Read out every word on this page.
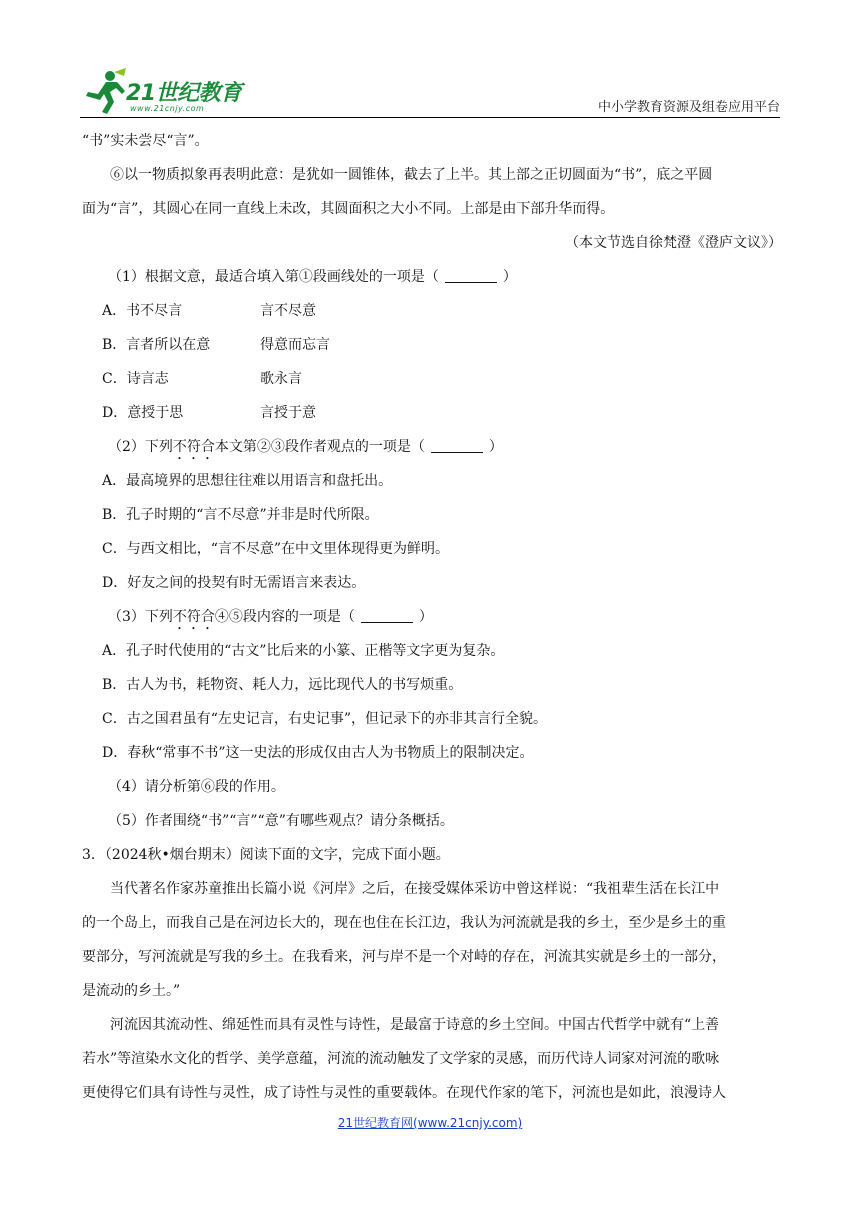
21世纪教育
www.21cnjy.com	中小学教育资源及组卷应用平台

“书”实未尝尽“言”。

⑥以一物质拟象再表明此意：是犹如一圆锥体，截去了上半。其上部之正切圆面为“书”，底之平圆

面为“言”，其圆心在同一直线上未改，其圆面积之大小不同。上部是由下部升华而得。

（本文节选自徐梵澄《澄庐文议》）

（1）根据文意，最适合填入第①段画线处的一项是（	）

A．书不尽言	言不尽意

B．言者所以在意	得意而忘言

C．诗言志	歌永言

D．意授于思	言授于意

（2）下列不符合本文第②③段作者观点的一项是（	）

A．最高境界的思想往往难以用语言和盘托出。

B．孔子时期的“言不尽意”并非是时代所限。

C．与西文相比，“言不尽意”在中文里体现得更为鲜明。

D．好友之间的投契有时无需语言来表达。

（3）下列不符合④⑤段内容的一项是（	）

A．孔子时代使用的“古文”比后来的小篆、正楷等文字更为复杂。

B．古人为书，耗物资、耗人力，远比现代人的书写烦重。

C．古之国君虽有“左史记言，右史记事”，但记录下的亦非其言行全貌。

D．春秋“常事不书”这一史法的形成仅由古人为书物质上的限制决定。

（4）请分析第⑥段的作用。

（5）作者围绕“书”“言”“意”有哪些观点？请分条概括。

3．（2024秋•烟台期末）阅读下面的文字，完成下面小题。

当代著名作家苏童推出长篇小说《河岸》之后，在接受媒体采访中曾这样说：“我祖辈生活在长江中

的一个岛上，而我自己是在河边长大的，现在也住在长江边，我认为河流就是我的乡土，至少是乡土的重

要部分，写河流就是写我的乡土。在我看来，河与岸不是一个对峙的存在，河流其实就是乡土的一部分，

是流动的乡土。”

河流因其流动性、绵延性而具有灵性与诗性，是最富于诗意的乡土空间。中国古代哲学中就有“上善

若水”等渲染水文化的哲学、美学意蕴，河流的流动触发了文学家的灵感，而历代诗人词家对河流的歌咏

更使得它们具有诗性与灵性，成了诗性与灵性的重要载体。在现代作家的笔下，河流也是如此，浪漫诗人

21世纪教育网(www.21cnjy.com)
